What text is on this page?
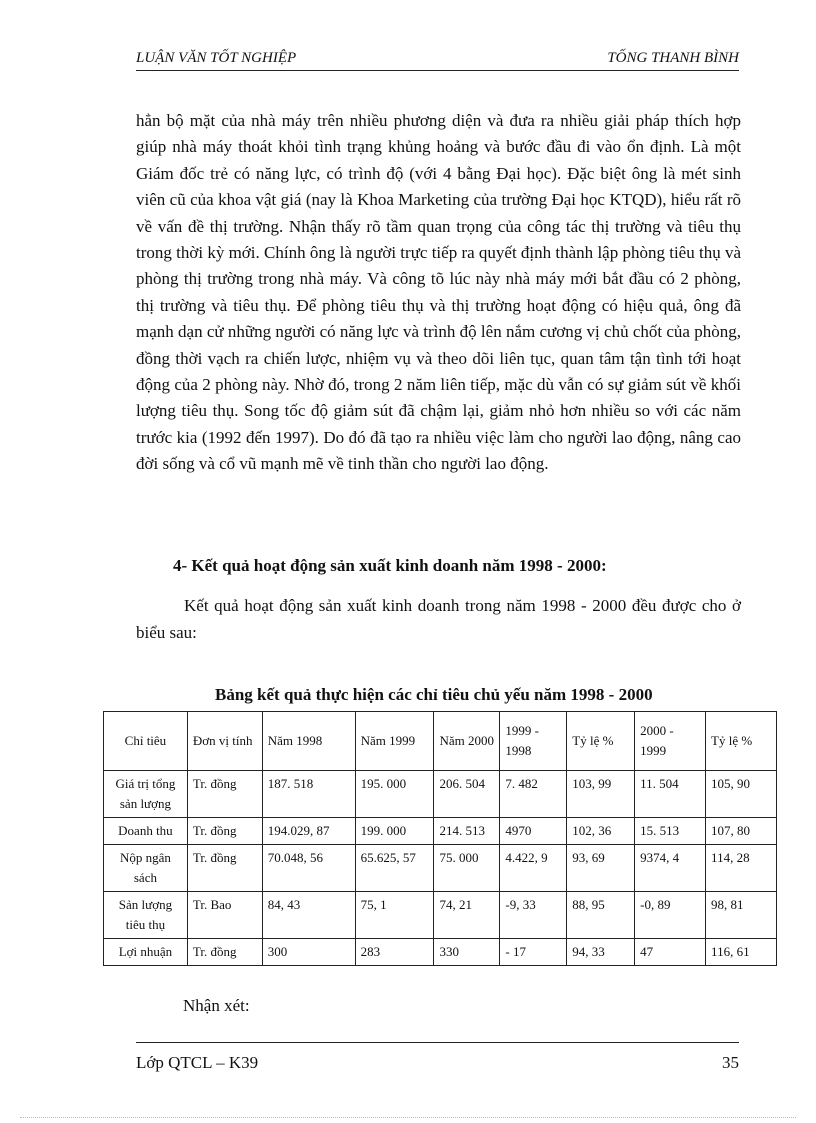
LUẬN VĂN TỐT NGHIỆP	TỐNG THANH BÌNH

hẳn bộ mặt của nhà máy trên nhiều phương diện và đưa ra nhiều giải pháp thích hợp giúp nhà máy thoát khỏi tình trạng khủng hoảng và bước đầu đi vào ổn định. Là một Giám đốc trẻ có năng lực, có trình độ (với 4 bằng Đại học). Đặc biệt ông là mét sinh viên cũ của khoa vật giá (nay là Khoa Marketing của trường Đại học KTQD), hiểu rất rõ về vấn đề thị trường. Nhận thấy rõ tầm quan trọng của công tác thị trường và tiêu thụ trong thời kỳ mới. Chính ông là người trực tiếp ra quyết định thành lập phòng tiêu thụ và phòng thị trường trong nhà máy. Và công tõ lúc này nhà máy mới bắt đầu có 2 phòng, thị trường và tiêu thụ. Để phòng tiêu thụ và thị trường hoạt động có hiệu quả, ông đã mạnh dạn cử những người có năng lực và trình độ lên nắm cương vị chủ chốt của phòng, đồng thời vạch ra chiến lược, nhiệm vụ và theo dõi liên tục, quan tâm tận tình tới hoạt động của 2 phòng này. Nhờ đó, trong 2 năm liên tiếp, mặc dù vẫn có sự giảm sút về khối lượng tiêu thụ. Song tốc độ giảm sút đã chậm lại, giảm nhỏ hơn nhiều so với các năm trước kia (1992 đến 1997). Do đó đã tạo ra nhiều việc làm cho người lao động, nâng cao đời sống và cổ vũ mạnh mẽ về tinh thần cho người lao động.

4- Kết quả hoạt động sản xuất kinh doanh năm 1998 - 2000:

Kết quả hoạt động sản xuất kinh doanh trong năm 1998 - 2000 đều được cho ở biểu sau:

Bảng kết quả thực hiện các chỉ tiêu chủ yếu năm 1998 - 2000

Chỉ tiêu	Đơn vị tính	Năm 1998	Năm 1999	Năm 2000	1999 - 1998	Tỷ lệ %	2000 - 1999	Tỷ lệ %
Giá trị tổng sản lượng	Tr. đồng	187. 518	195. 000	206. 504	7. 482	103, 99	11. 504	105, 90
Doanh thu	Tr. đồng	194.029, 87	199. 000	214. 513	4970	102, 36	15. 513	107, 80
Nộp ngân sách	Tr. đồng	70.048, 56	65.625, 57	75. 000	4.422, 9	93, 69	9374, 4	114, 28
Sản lượng tiêu thụ	Tr. Bao	84, 43	75, 1	74, 21	-9, 33	88, 95	-0, 89	98, 81
Lợi nhuận	Tr. đồng	300	283	330	- 17	94, 33	47	116, 61

Nhận xét:

Lớp QTCL – K39	35
